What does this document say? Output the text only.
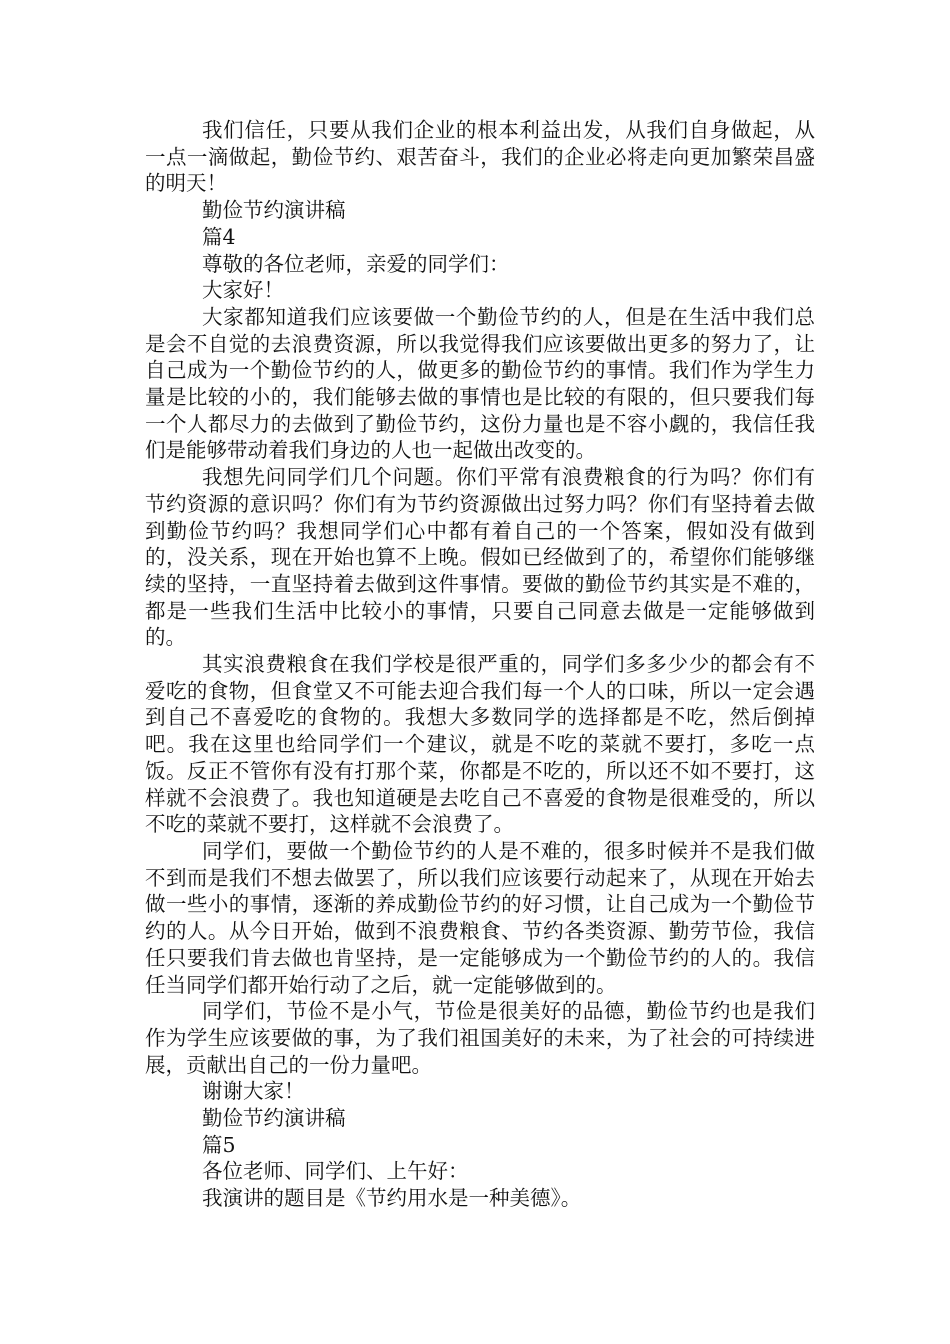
我们信任，只要从我们企业的根本利益出发，从我们自身做起，从一点一滴做起，勤俭节约、艰苦奋斗，我们的企业必将走向更加繁荣昌盛的明天！

勤俭节约演讲稿

篇4

尊敬的各位老师，亲爱的同学们：

大家好！

大家都知道我们应该要做一个勤俭节约的人，但是在生活中我们总是会不自觉的去浪费资源，所以我觉得我们应该要做出更多的努力了，让自己成为一个勤俭节约的人，做更多的勤俭节约的事情。我们作为学生力量是比较的小的，我们能够去做的事情也是比较的有限的，但只要我们每一个人都尽力的去做到了勤俭节约，这份力量也是不容小觑的，我信任我们是能够带动着我们身边的人也一起做出改变的。

我想先问同学们几个问题。你们平常有浪费粮食的行为吗？你们有节约资源的意识吗？你们有为节约资源做出过努力吗？你们有坚持着去做到勤俭节约吗？我想同学们心中都有着自己的一个答案，假如没有做到的，没关系，现在开始也算不上晚。假如已经做到了的，希望你们能够继续的坚持，一直坚持着去做到这件事情。要做的勤俭节约其实是不难的，都是一些我们生活中比较小的事情，只要自己同意去做是一定能够做到的。

其实浪费粮食在我们学校是很严重的，同学们多多少少的都会有不爱吃的食物，但食堂又不可能去迎合我们每一个人的口味，所以一定会遇到自己不喜爱吃的食物的。我想大多数同学的选择都是不吃，然后倒掉吧。我在这里也给同学们一个建议，就是不吃的菜就不要打，多吃一点饭。反正不管你有没有打那个菜，你都是不吃的，所以还不如不要打，这样就不会浪费了。我也知道硬是去吃自己不喜爱的食物是很难受的，所以不吃的菜就不要打，这样就不会浪费了。

同学们，要做一个勤俭节约的人是不难的，很多时候并不是我们做不到而是我们不想去做罢了，所以我们应该要行动起来了，从现在开始去做一些小的事情，逐渐的养成勤俭节约的好习惯，让自己成为一个勤俭节约的人。从今日开始，做到不浪费粮食、节约各类资源、勤劳节俭，我信任只要我们肯去做也肯坚持，是一定能够成为一个勤俭节约的人的。我信任当同学们都开始行动了之后，就一定能够做到的。

同学们，节俭不是小气，节俭是很美好的品德，勤俭节约也是我们作为学生应该要做的事，为了我们祖国美好的未来，为了社会的可持续进展，贡献出自己的一份力量吧。

谢谢大家！

勤俭节约演讲稿

篇5

各位老师、同学们、上午好：

我演讲的题目是《节约用水是一种美德》。
